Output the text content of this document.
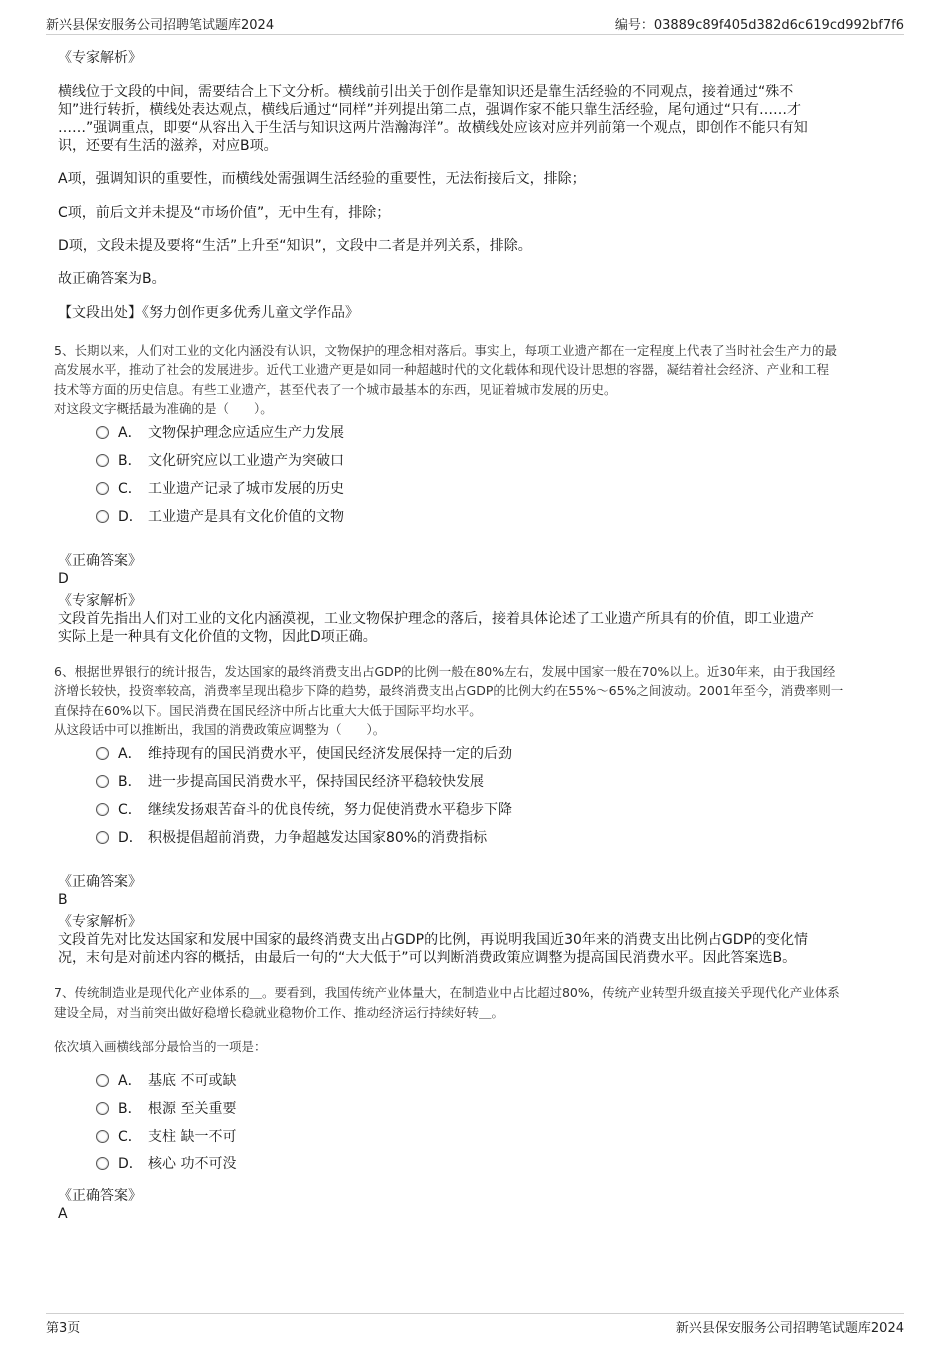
新兴县保安服务公司招聘笔试题库2024	编号：03889c89f405d382d6c619cd992bf7f6
《专家解析》
横线位于文段的中间，需要结合上下文分析。横线前引出关于创作是靠知识还是靠生活经验的不同观点，接着通过“殊不
知”进行转折，横线处表达观点，横线后通过“同样”并列提出第二点，强调作家不能只靠生活经验，尾句通过“只有……才
……”强调重点，即要“从容出入于生活与知识这两片浩瀚海洋”。故横线处应该对应并列前第一个观点，即创作不能只有知
识，还要有生活的滋养，对应B项。
A项，强调知识的重要性，而横线处需强调生活经验的重要性，无法衔接后文，排除；
C项，前后文并未提及“市场价值”，无中生有，排除；
D项，文段未提及要将“生活”上升至“知识”，文段中二者是并列关系，排除。
故正确答案为B。
【文段出处】《努力创作更多优秀儿童文学作品》
5、长期以来，人们对工业的文化内涵没有认识，文物保护的理念相对落后。事实上，每项工业遗产都在一定程度上代表了当时社会生产力的最
高发展水平，推动了社会的发展进步。近代工业遗产更是如同一种超越时代的文化载体和现代设计思想的容器，凝结着社会经济、产业和工程
技术等方面的历史信息。有些工业遗产，甚至代表了一个城市最基本的东西，见证着城市发展的历史。
对这段文字概括最为准确的是（　　）。
A． 文物保护理念应适应生产力发展
B． 文化研究应以工业遗产为突破口
C． 工业遗产记录了城市发展的历史
D． 工业遗产是具有文化价值的文物
《正确答案》
D
《专家解析》
文段首先指出人们对工业的文化内涵漠视，工业文物保护理念的落后，接着具体论述了工业遗产所具有的价值，即工业遗产
实际上是一种具有文化价值的文物，因此D项正确。
6、根据世界银行的统计报告，发达国家的最终消费支出占GDP的比例一般在80%左右，发展中国家一般在70%以上。近30年来，由于我国经
济增长较快，投资率较高，消费率呈现出稳步下降的趋势，最终消费支出占GDP的比例大约在55%～65%之间波动。2001年至今，消费率则一
直保持在60%以下。国民消费在国民经济中所占比重大大低于国际平均水平。
从这段话中可以推断出，我国的消费政策应调整为（　　）。
A． 维持现有的国民消费水平，使国民经济发展保持一定的后劲
B． 进一步提高国民消费水平，保持国民经济平稳较快发展
C． 继续发扬艰苦奋斗的优良传统，努力促使消费水平稳步下降
D． 积极提倡超前消费，力争超越发达国家80%的消费指标
《正确答案》
B
《专家解析》
文段首先对比发达国家和发展中国家的最终消费支出占GDP的比例，再说明我国近30年来的消费支出比例占GDP的变化情
况，末句是对前述内容的概括，由最后一句的“大大低于”可以判断消费政策应调整为提高国民消费水平。因此答案选B。
7、传统制造业是现代化产业体系的＿。要看到，我国传统产业体量大，在制造业中占比超过80%，传统产业转型升级直接关乎现代化产业体系
建设全局，对当前突出做好稳增长稳就业稳物价工作、推动经济运行持续好转＿。
依次填入画横线部分最恰当的一项是：
A． 基底 不可或缺
B． 根源 至关重要
C． 支柱 缺一不可
D． 核心 功不可没
《正确答案》
A
第3页	新兴县保安服务公司招聘笔试题库2024
